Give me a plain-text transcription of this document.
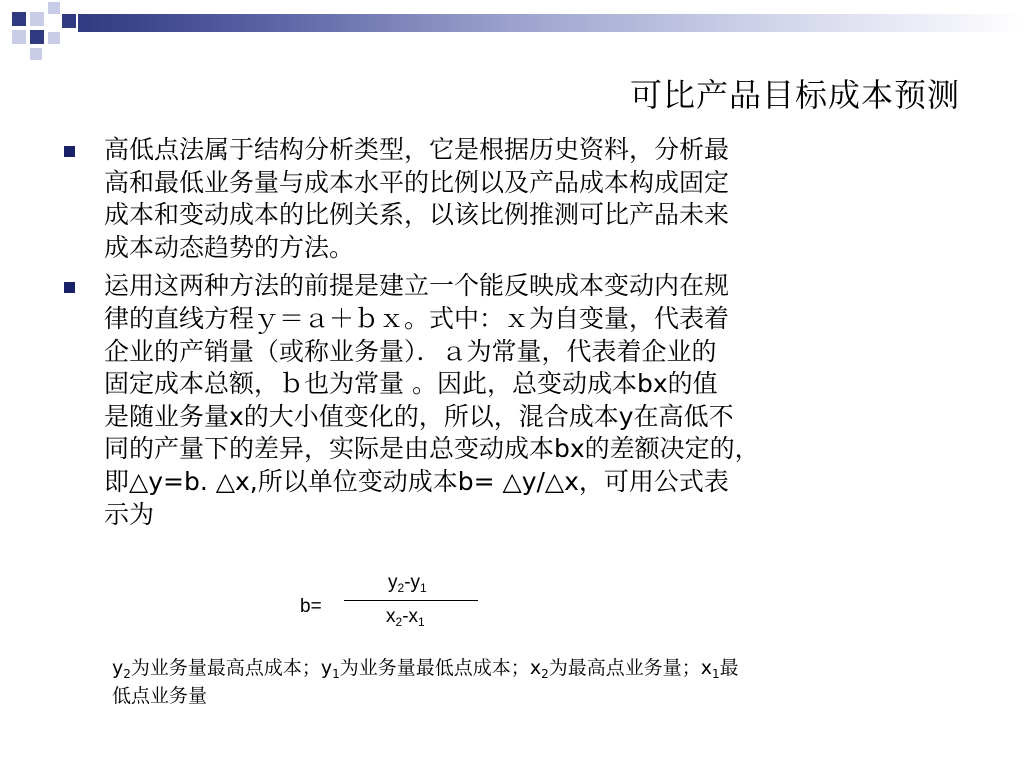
可比产品目标成本预测
高低点法属于结构分析类型，它是根据历史资料，分析最
高和最低业务量与成本水平的比例以及产品成本构成固定
成本和变动成本的比例关系，以该比例推测可比产品未来
成本动态趋势的方法。
运用这两种方法的前提是建立一个能反映成本变动内在规
律的直线方程ｙ＝ａ＋ｂｘ。式中：ｘ为自变量，代表着
企业的产销量（或称业务量）．ａ为常量，代表着企业的
固定成本总额，ｂ也为常量 。因此，总变动成本bx的值
是随业务量x的大小值变化的，所以，混合成本y在高低不
同的产量下的差异，实际是由总变动成本bx的差额决定的，
即△y=b. △x,所以单位变动成本b= △y/△x，可用公式表
示为
b=
$y_2-y_1$
$x_2-x_1$
$y_2$为业务量最高点成本；$y_1$为业务量最低点成本；$x_2$为最高点业务量；$x_1$最
低点业务量
